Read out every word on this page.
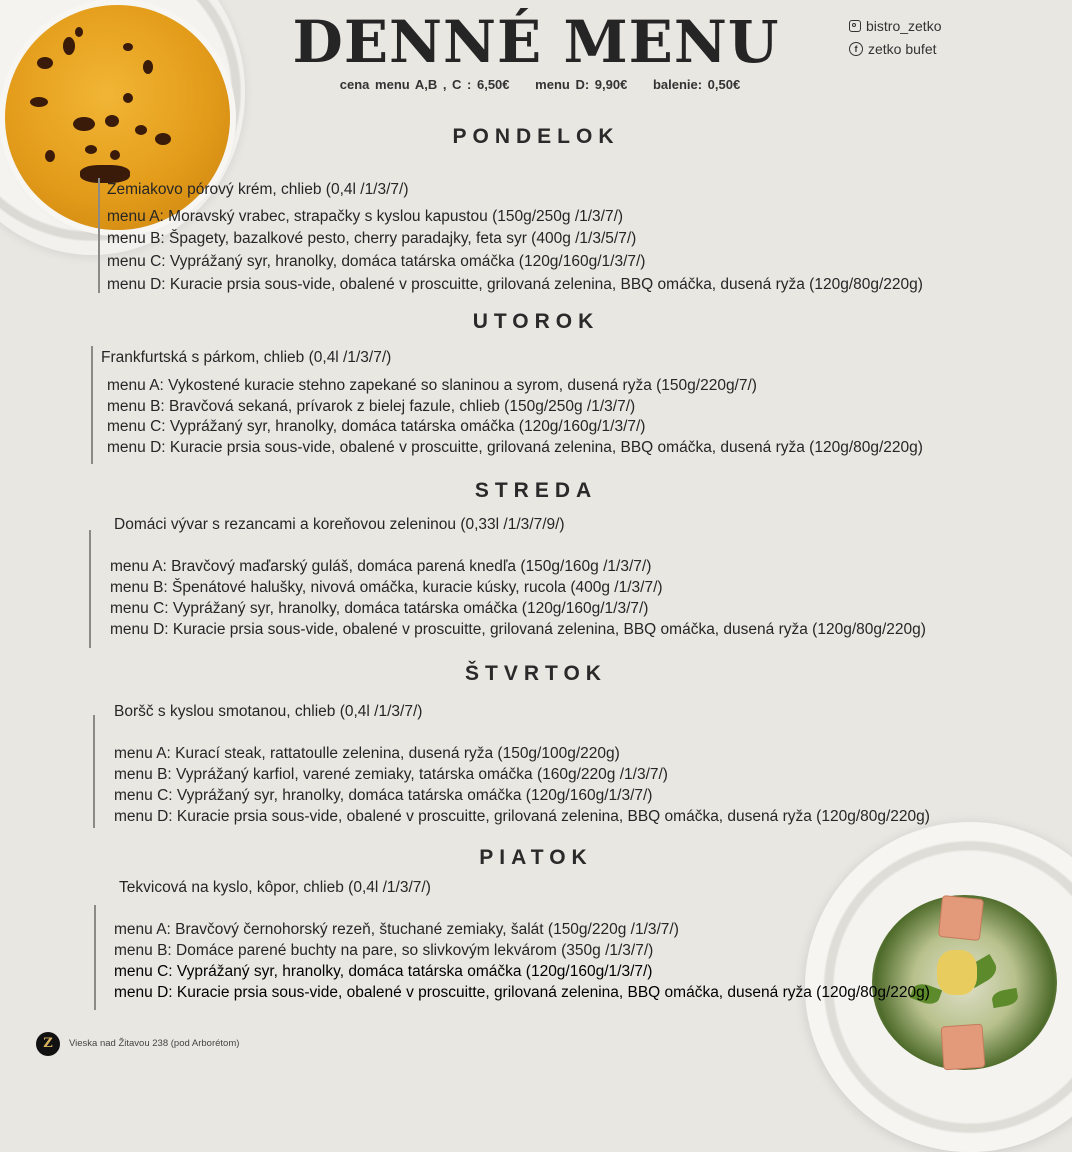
DENNÉ MENU
cena menu A,B , C : 6,50€ menu D: 9,90€ balenie: 0,50€
bistro_zetko
f zetko bufet
PONDELOK
Zemiakovo pórový krém, chlieb (0,4l /1/3/7/)
menu A: Moravský vrabec, strapačky s kyslou kapustou (150g/250g /1/3/7/)
menu B: Špagety, bazalkové pesto, cherry paradajky, feta syr (400g /1/3/5/7/)
menu C: Vyprážaný syr, hranolky, domáca tatárska omáčka (120g/160g/1/3/7/)
menu D: Kuracie prsia sous-vide, obalené v proscuitte, grilovaná zelenina, BBQ omáčka, dusená ryža (120g/80g/220g)
UTOROK
Frankfurtská s párkom, chlieb (0,4l /1/3/7/)
menu A: Vykostené kuracie stehno zapekané so slaninou a syrom, dusená ryža (150g/220g/7/)
menu B: Bravčová sekaná, prívarok z bielej fazule, chlieb (150g/250g /1/3/7/)
menu C: Vyprážaný syr, hranolky, domáca tatárska omáčka (120g/160g/1/3/7/)
menu D: Kuracie prsia sous-vide, obalené v proscuitte, grilovaná zelenina, BBQ omáčka, dusená ryža (120g/80g/220g)
STREDA
Domáci vývar s rezancami a koreňovou zeleninou (0,33l /1/3/7/9/)
menu A: Bravčový maďarský guláš, domáca parená knedľa (150g/160g /1/3/7/)
menu B: Špenátové halušky, nivová omáčka, kuracie kúsky, rucola (400g /1/3/7/)
menu C: Vyprážaný syr, hranolky, domáca tatárska omáčka (120g/160g/1/3/7/)
menu D: Kuracie prsia sous-vide, obalené v proscuitte, grilovaná zelenina, BBQ omáčka, dusená ryža (120g/80g/220g)
ŠTVRTOK
Boršč s kyslou smotanou, chlieb (0,4l /1/3/7/)
menu A: Kurací steak, rattatoulle zelenina, dusená ryža (150g/100g/220g)
menu B: Vyprážaný karfiol, varené zemiaky, tatárska omáčka (160g/220g /1/3/7/)
menu C: Vyprážaný syr, hranolky, domáca tatárska omáčka (120g/160g/1/3/7/)
menu D: Kuracie prsia sous-vide, obalené v proscuitte, grilovaná zelenina, BBQ omáčka, dusená ryža (120g/80g/220g)
PIATOK
Tekvicová na kyslo, kôpor, chlieb (0,4l /1/3/7/)
menu A: Bravčový černohorský rezeň, štuchané zemiaky, šalát (150g/220g /1/3/7/)
menu B: Domáce parené buchty na pare, so slivkovým lekvárom (350g /1/3/7/)
menu C: Vyprážaný syr, hranolky, domáca tatárska omáčka (120g/160g/1/3/7/)
menu D: Kuracie prsia sous-vide, obalené v proscuitte, grilovaná zelenina, BBQ omáčka, dusená ryža (120g/80g/220g)
Z	Vieska nad Žitavou 238 (pod Arborétom)
